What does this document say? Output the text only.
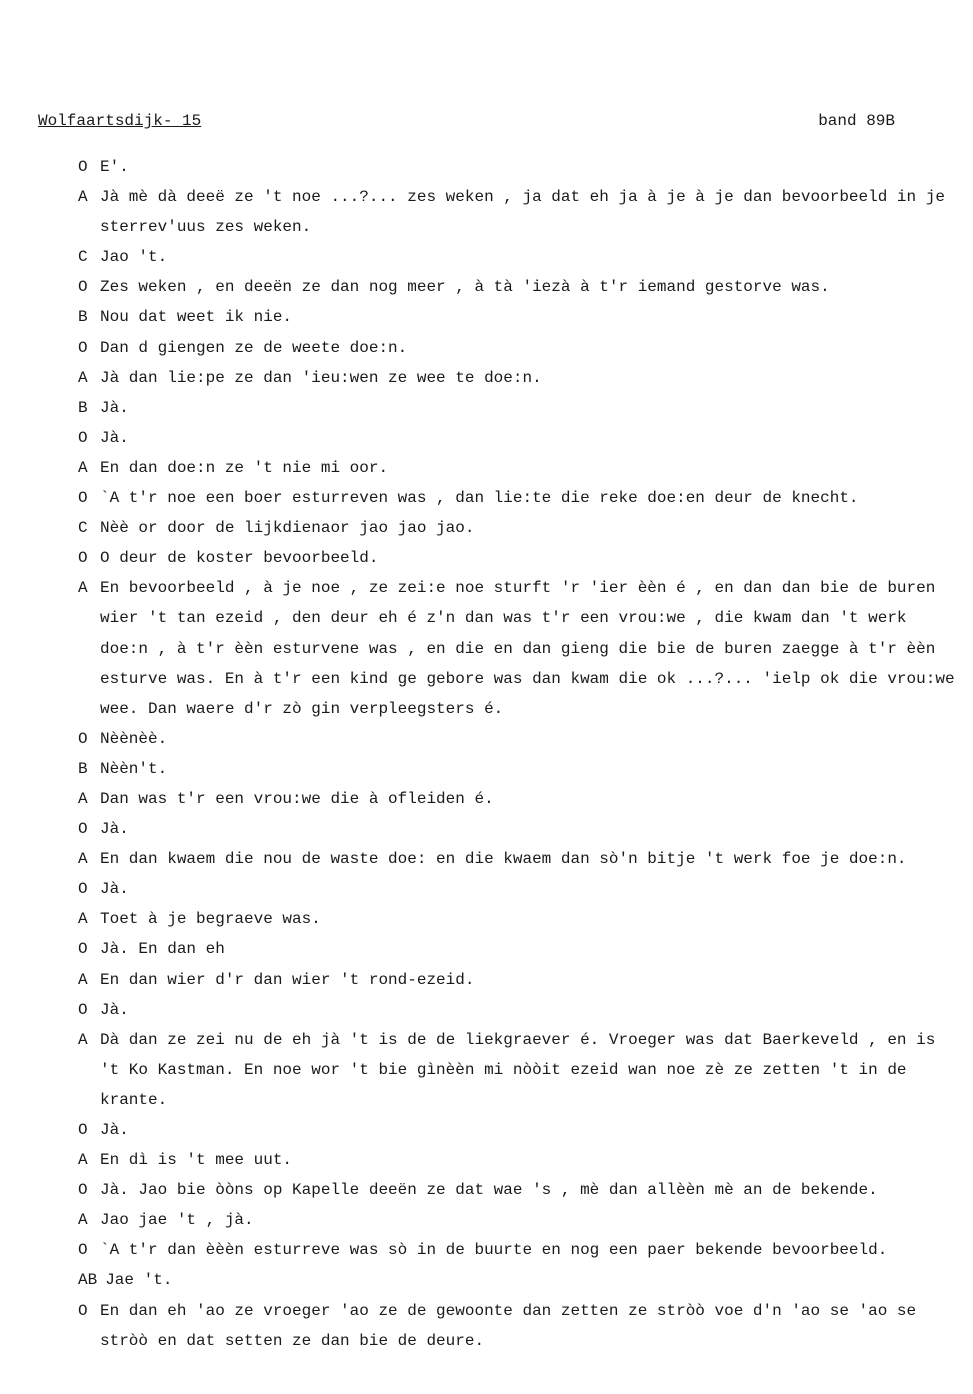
Wolfaartsdijk- 15	band 89B
O E'.
A Jà mè dà deeë ze 't noe ...?... zes weken , ja dat eh ja à je à je dan bevoorbeeld in je sterrev'uus zes weken.
C Jao 't.
O Zes weken , en deeën ze dan nog meer , à tà 'iezà à t'r iemand gestorve was.
B Nou dat weet ik nie.
O Dan d giengen ze de weete doe:n.
A Jà dan lie:pe ze dan 'ieu:wen ze wee te doe:n.
B Jà.
O Jà.
A En dan doe:n ze 't nie mi oor.
O `A t'r noe een boer esturreven was , dan lie:te die reke doe:en deur de knecht.
C Nèè or door de lijkdienaor jao jao jao.
O O deur de koster bevoorbeeld.
A En bevoorbeeld , à je noe , ze zei:e noe sturft 'r 'ier èèn é , en dan dan bie de buren wier 't tan ezeid , den deur eh é z'n dan was t'r een vrou:we , die kwam dan 't werk doe:n , à t'r èèn esturvene was , en die en dan gieng die bie de buren zaegge à t'r èèn esturve was. En à t'r een kind ge gebore was dan kwam die ok ...?... 'ielp ok die vrou:we wee. Dan waere d'r zò gin verpleegsters é.
O Nèènèè.
B Nèèn't.
A Dan was t'r een vrou:we die à ofleiden é.
O Jà.
A En dan kwaem die nou de waste doe: en die kwaem dan sò'n bitje 't werk foe je doe:n.
O Jà.
A Toet à je begraeve was.
O Jà. En dan eh
A En dan wier d'r dan wier 't rond-ezeid.
O Jà.
A Dà dan ze zei nu de eh jà 't is de de liekgraever é. Vroeger was dat Baerkeveld , en is 't Ko Kastman. En noe wor 't bie gìnèèn mi nòòit ezeid wan noe zè ze zetten 't in de krante.
O Jà.
A En dì is 't mee uut.
O Jà. Jao bie òòns op Kapelle deeën ze dat wae 's , mè dan allèèn mè an de bekende.
A Jao jae 't , jà.
O `A t'r dan èèèn esturreve was sò in de buurte en nog een paer bekende bevoorbeeld.
AB Jae 't.
O En dan eh 'ao ze vroeger 'ao ze de gewoonte dan zetten ze stròò voe d'n 'ao se 'ao se stròò en dat setten ze dan bie de deure.
